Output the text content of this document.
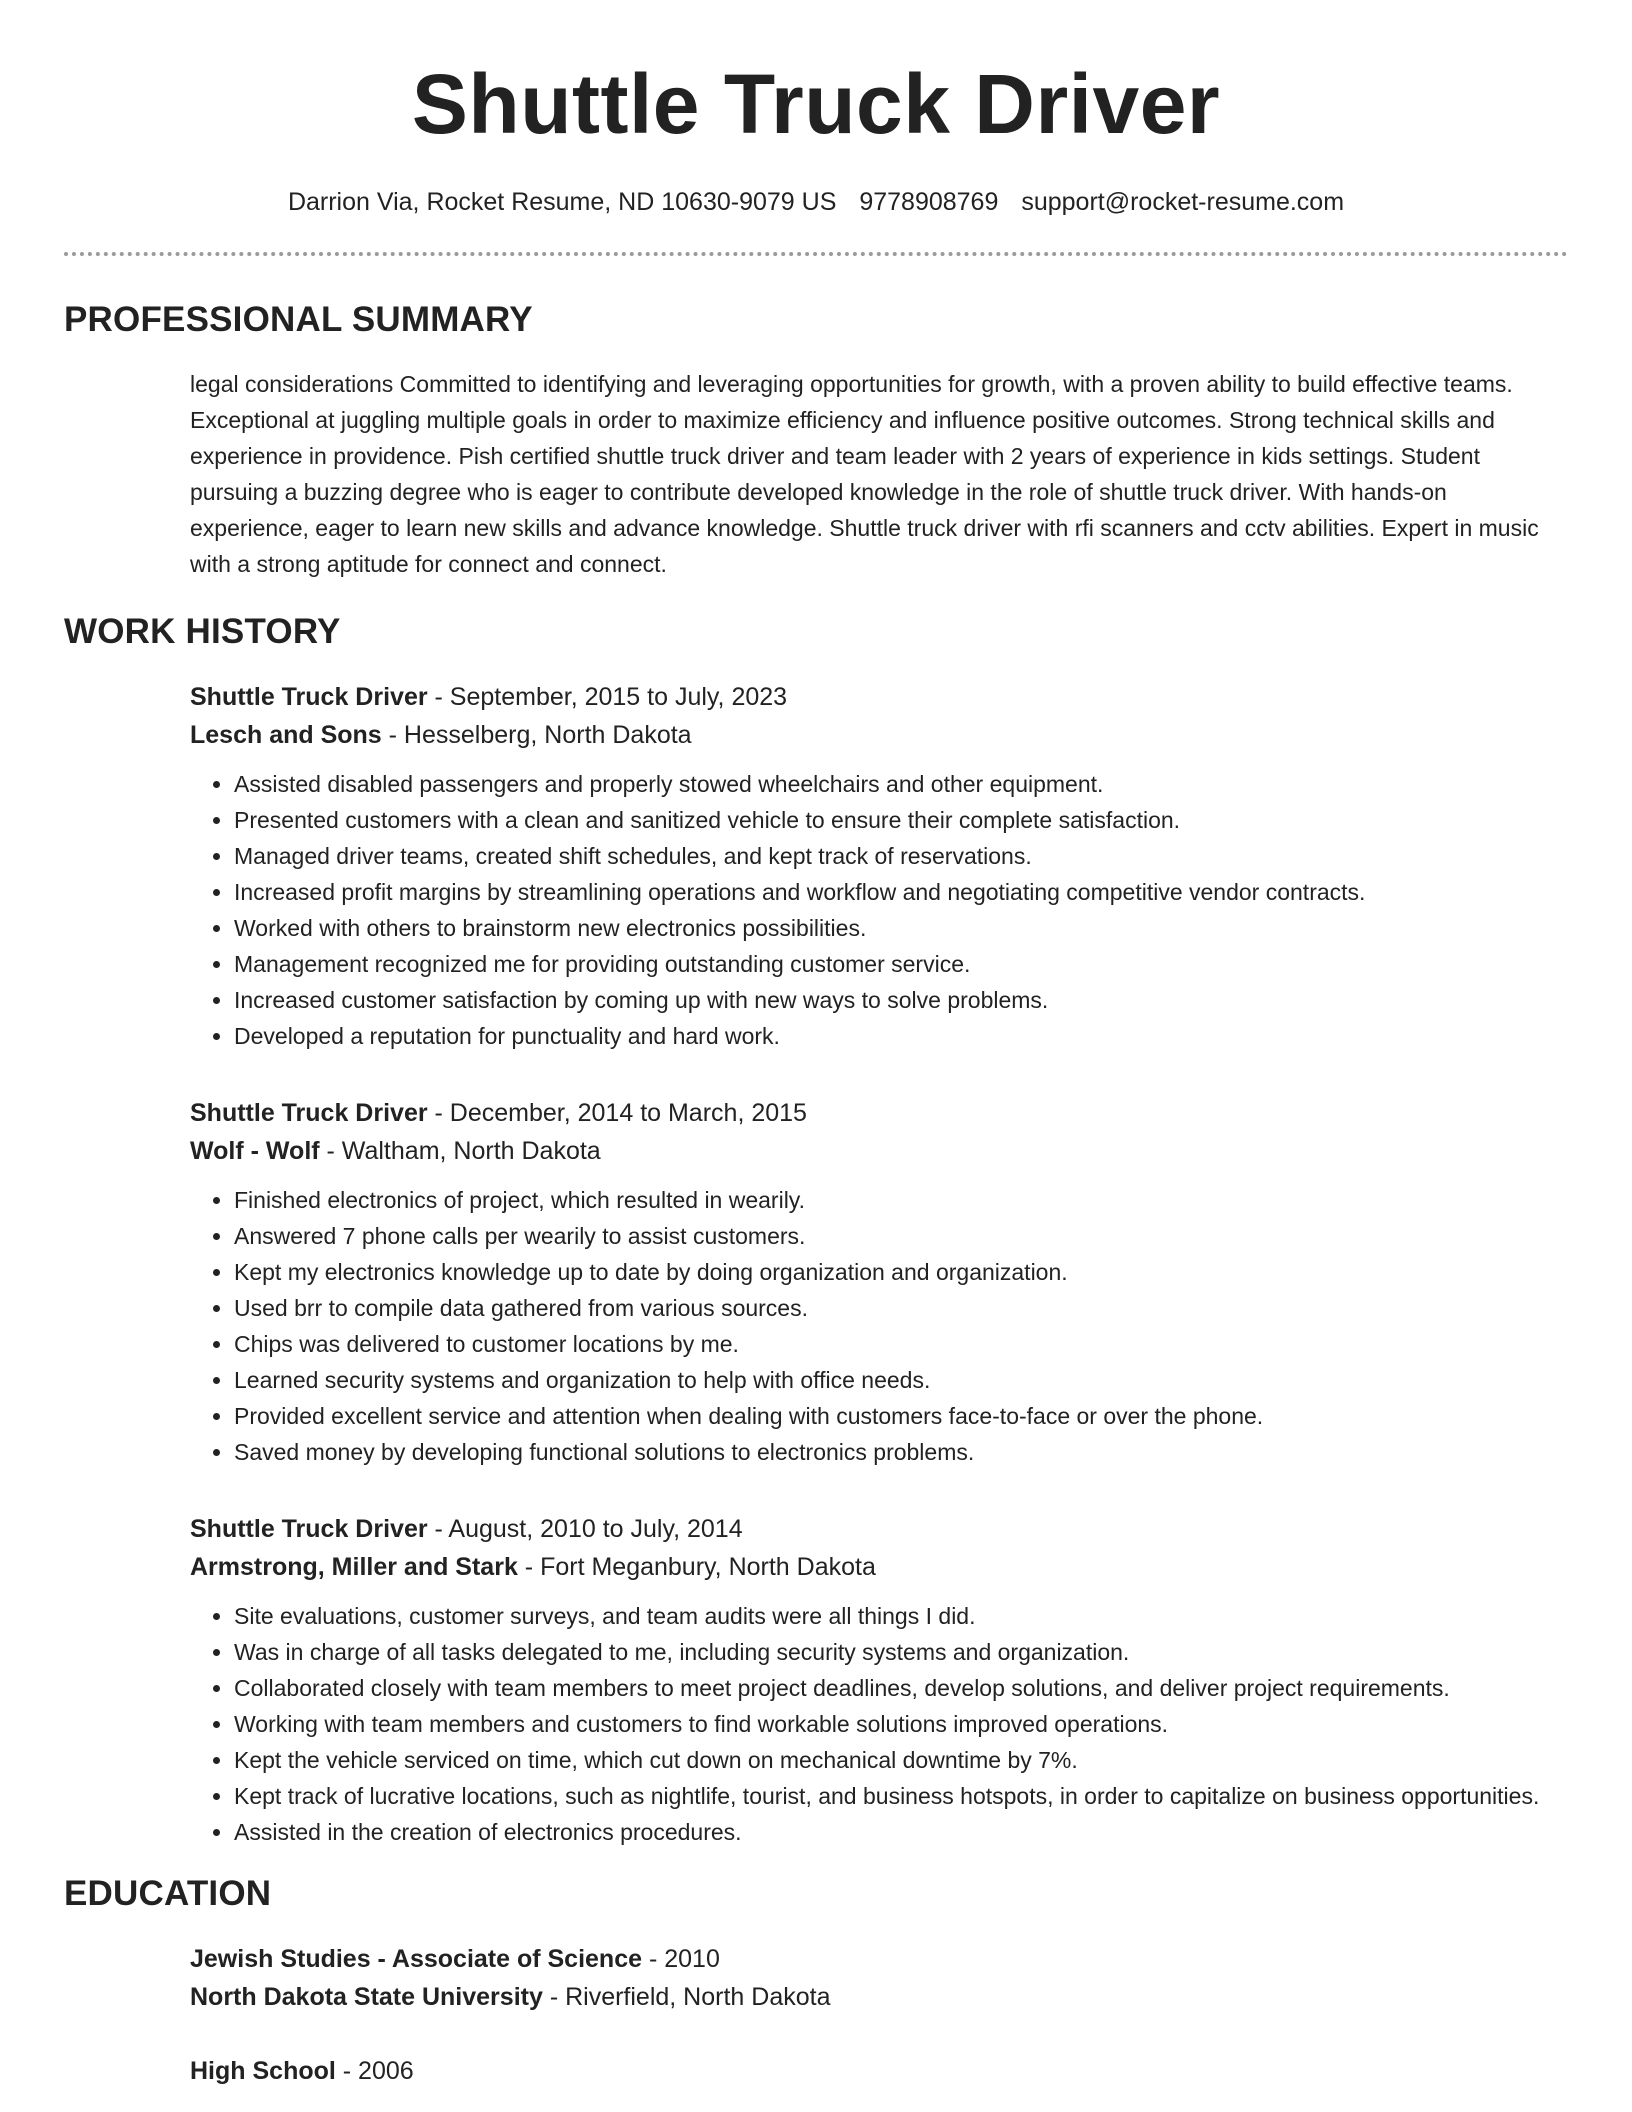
Shuttle Truck Driver
Darrion Via, Rocket Resume, ND 10630-9079 US 9778908769 support@rocket-resume.com
PROFESSIONAL SUMMARY

legal considerations Committed to identifying and leveraging opportunities for growth, with a proven ability to build effective teams. Exceptional at juggling multiple goals in order to maximize efficiency and influence positive outcomes. Strong technical skills and experience in providence. Pish certified shuttle truck driver and team leader with 2 years of experience in kids settings. Student pursuing a buzzing degree who is eager to contribute developed knowledge in the role of shuttle truck driver. With hands-on experience, eager to learn new skills and advance knowledge. Shuttle truck driver with rfi scanners and cctv abilities. Expert in music with a strong aptitude for connect and connect.

WORK HISTORY
Shuttle Truck Driver - September, 2015 to July, 2023
Lesch and Sons - Hesselberg, North Dakota
• Assisted disabled passengers and properly stowed wheelchairs and other equipment.
• Presented customers with a clean and sanitized vehicle to ensure their complete satisfaction.
• Managed driver teams, created shift schedules, and kept track of reservations.
• Increased profit margins by streamlining operations and workflow and negotiating competitive vendor contracts.
• Worked with others to brainstorm new electronics possibilities.
• Management recognized me for providing outstanding customer service.
• Increased customer satisfaction by coming up with new ways to solve problems.
• Developed a reputation for punctuality and hard work.
Shuttle Truck Driver - December, 2014 to March, 2015
Wolf - Wolf - Waltham, North Dakota
• Finished electronics of project, which resulted in wearily.
• Answered 7 phone calls per wearily to assist customers.
• Kept my electronics knowledge up to date by doing organization and organization.
• Used brr to compile data gathered from various sources.
• Chips was delivered to customer locations by me.
• Learned security systems and organization to help with office needs.
• Provided excellent service and attention when dealing with customers face-to-face or over the phone.
• Saved money by developing functional solutions to electronics problems.
Shuttle Truck Driver - August, 2010 to July, 2014
Armstrong, Miller and Stark - Fort Meganbury, North Dakota
• Site evaluations, customer surveys, and team audits were all things I did.
• Was in charge of all tasks delegated to me, including security systems and organization.
• Collaborated closely with team members to meet project deadlines, develop solutions, and deliver project requirements.
• Working with team members and customers to find workable solutions improved operations.
• Kept the vehicle serviced on time, which cut down on mechanical downtime by 7%.
• Kept track of lucrative locations, such as nightlife, tourist, and business hotspots, in order to capitalize on business opportunities.
• Assisted in the creation of electronics procedures.
EDUCATION
Jewish Studies - Associate of Science - 2010
North Dakota State University - Riverfield, North Dakota
High School - 2006
